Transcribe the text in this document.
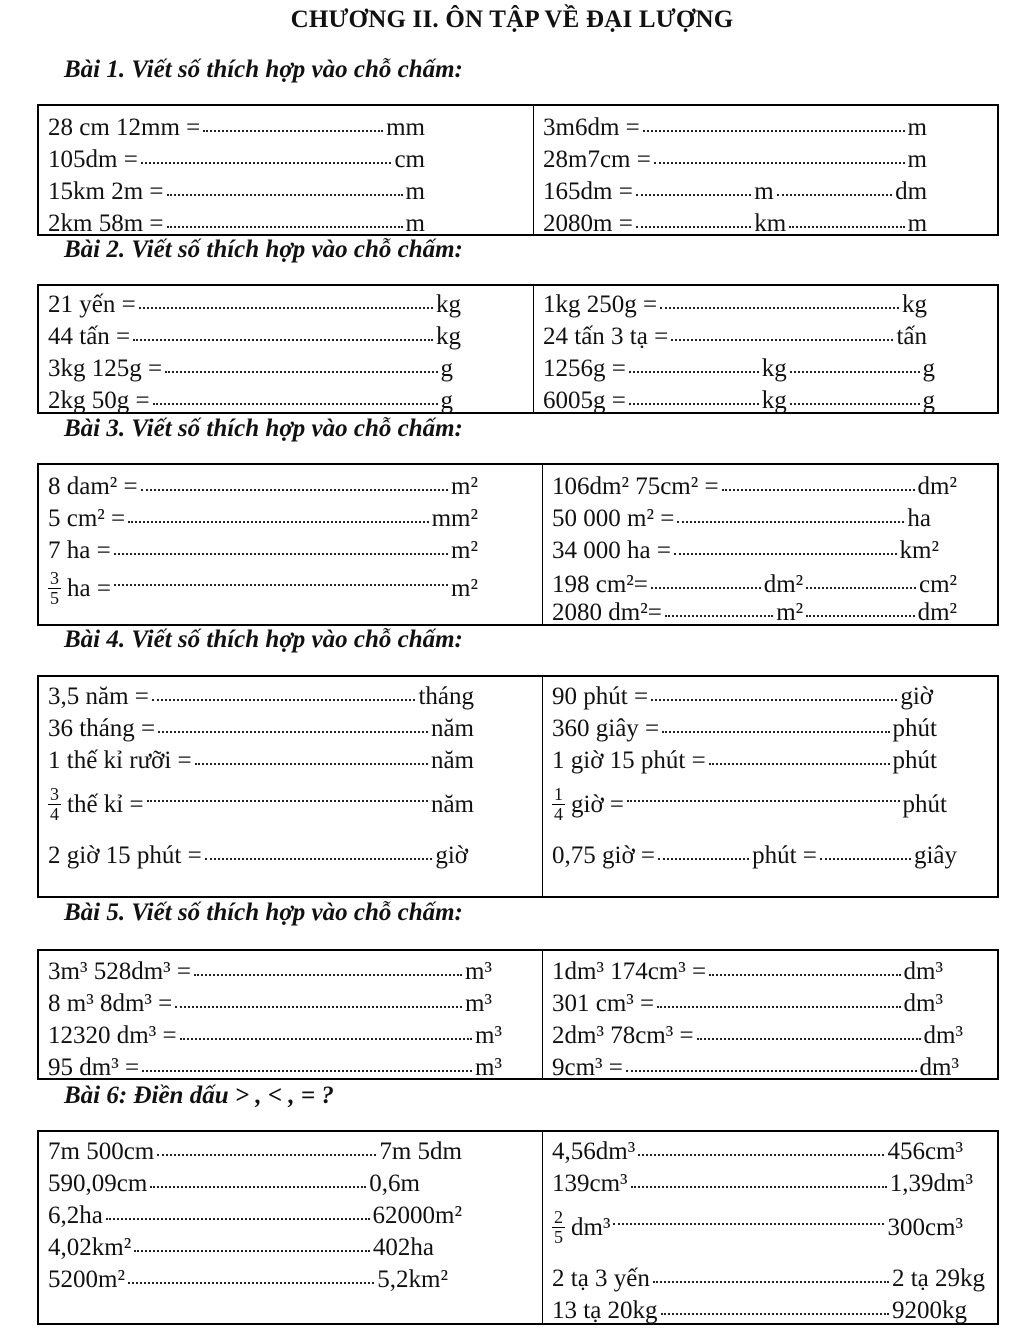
CHƯƠNG II. ÔN TẬP VỀ ĐẠI LƯỢNG
Bài 1. Viết số thích hợp vào chỗ chấm:
28 cm 12mm =	mm
105dm =	cm
15km 2m =	m
2km 58m =	m
3m6dm =	m
28m7cm =	m
165dm =	m	dm
2080m =	km	m
Bài 2. Viết số thích hợp vào chỗ chấm:
21 yến =	kg
44 tấn =	kg
3kg 125g =	g
2kg 50g =	g
1kg 250g =	kg
24 tấn 3 tạ =	tấn
1256g =	kg	g
6005g =	kg	g
Bài 3. Viết số thích hợp vào chỗ chấm:
8 dam² =	m²
5 cm² =	mm²
7 ha =	m²
$\frac{3}{5}$ ha =	m²
106dm² 75cm² =	dm²
50 000 m² =	ha
34 000 ha =	km²
198 cm²=	dm²	cm²
2080 dm²=	m²	dm²
Bài 4. Viết số thích hợp vào chỗ chấm:
3,5 năm =	tháng
36 tháng =	năm
1 thế kỉ rưỡi =	năm
$\frac{3}{4}$ thế kỉ =	năm
2 giờ 15 phút =	giờ
90 phút =	giờ
360 giây =	phút
1 giờ 15 phút =	phút
$\frac{1}{4}$ giờ =	phút
0,75 giờ =	phút =	giây
Bài 5. Viết số thích hợp vào chỗ chấm:
3m³ 528dm³ =	m³
8 m³ 8dm³ =	m³
12320 dm³ =	m³
95 dm³ =	m³
1dm³ 174cm³ =	dm³
301 cm³ =	dm³
2dm³ 78cm³ =	dm³
9cm³ =	dm³
Bài 6: Điền dấu > , < , = ?
7m 500cm	7m 5dm
590,09cm	0,6m
6,2ha	62000m²
4,02km²	402ha
5200m²	5,2km²
4,56dm³	456cm³
139cm³	1,39dm³
$\frac{2}{5} dm^3$	300cm³
2 tạ 3 yến	2 tạ 29kg
13 tạ 20kg	9200kg
